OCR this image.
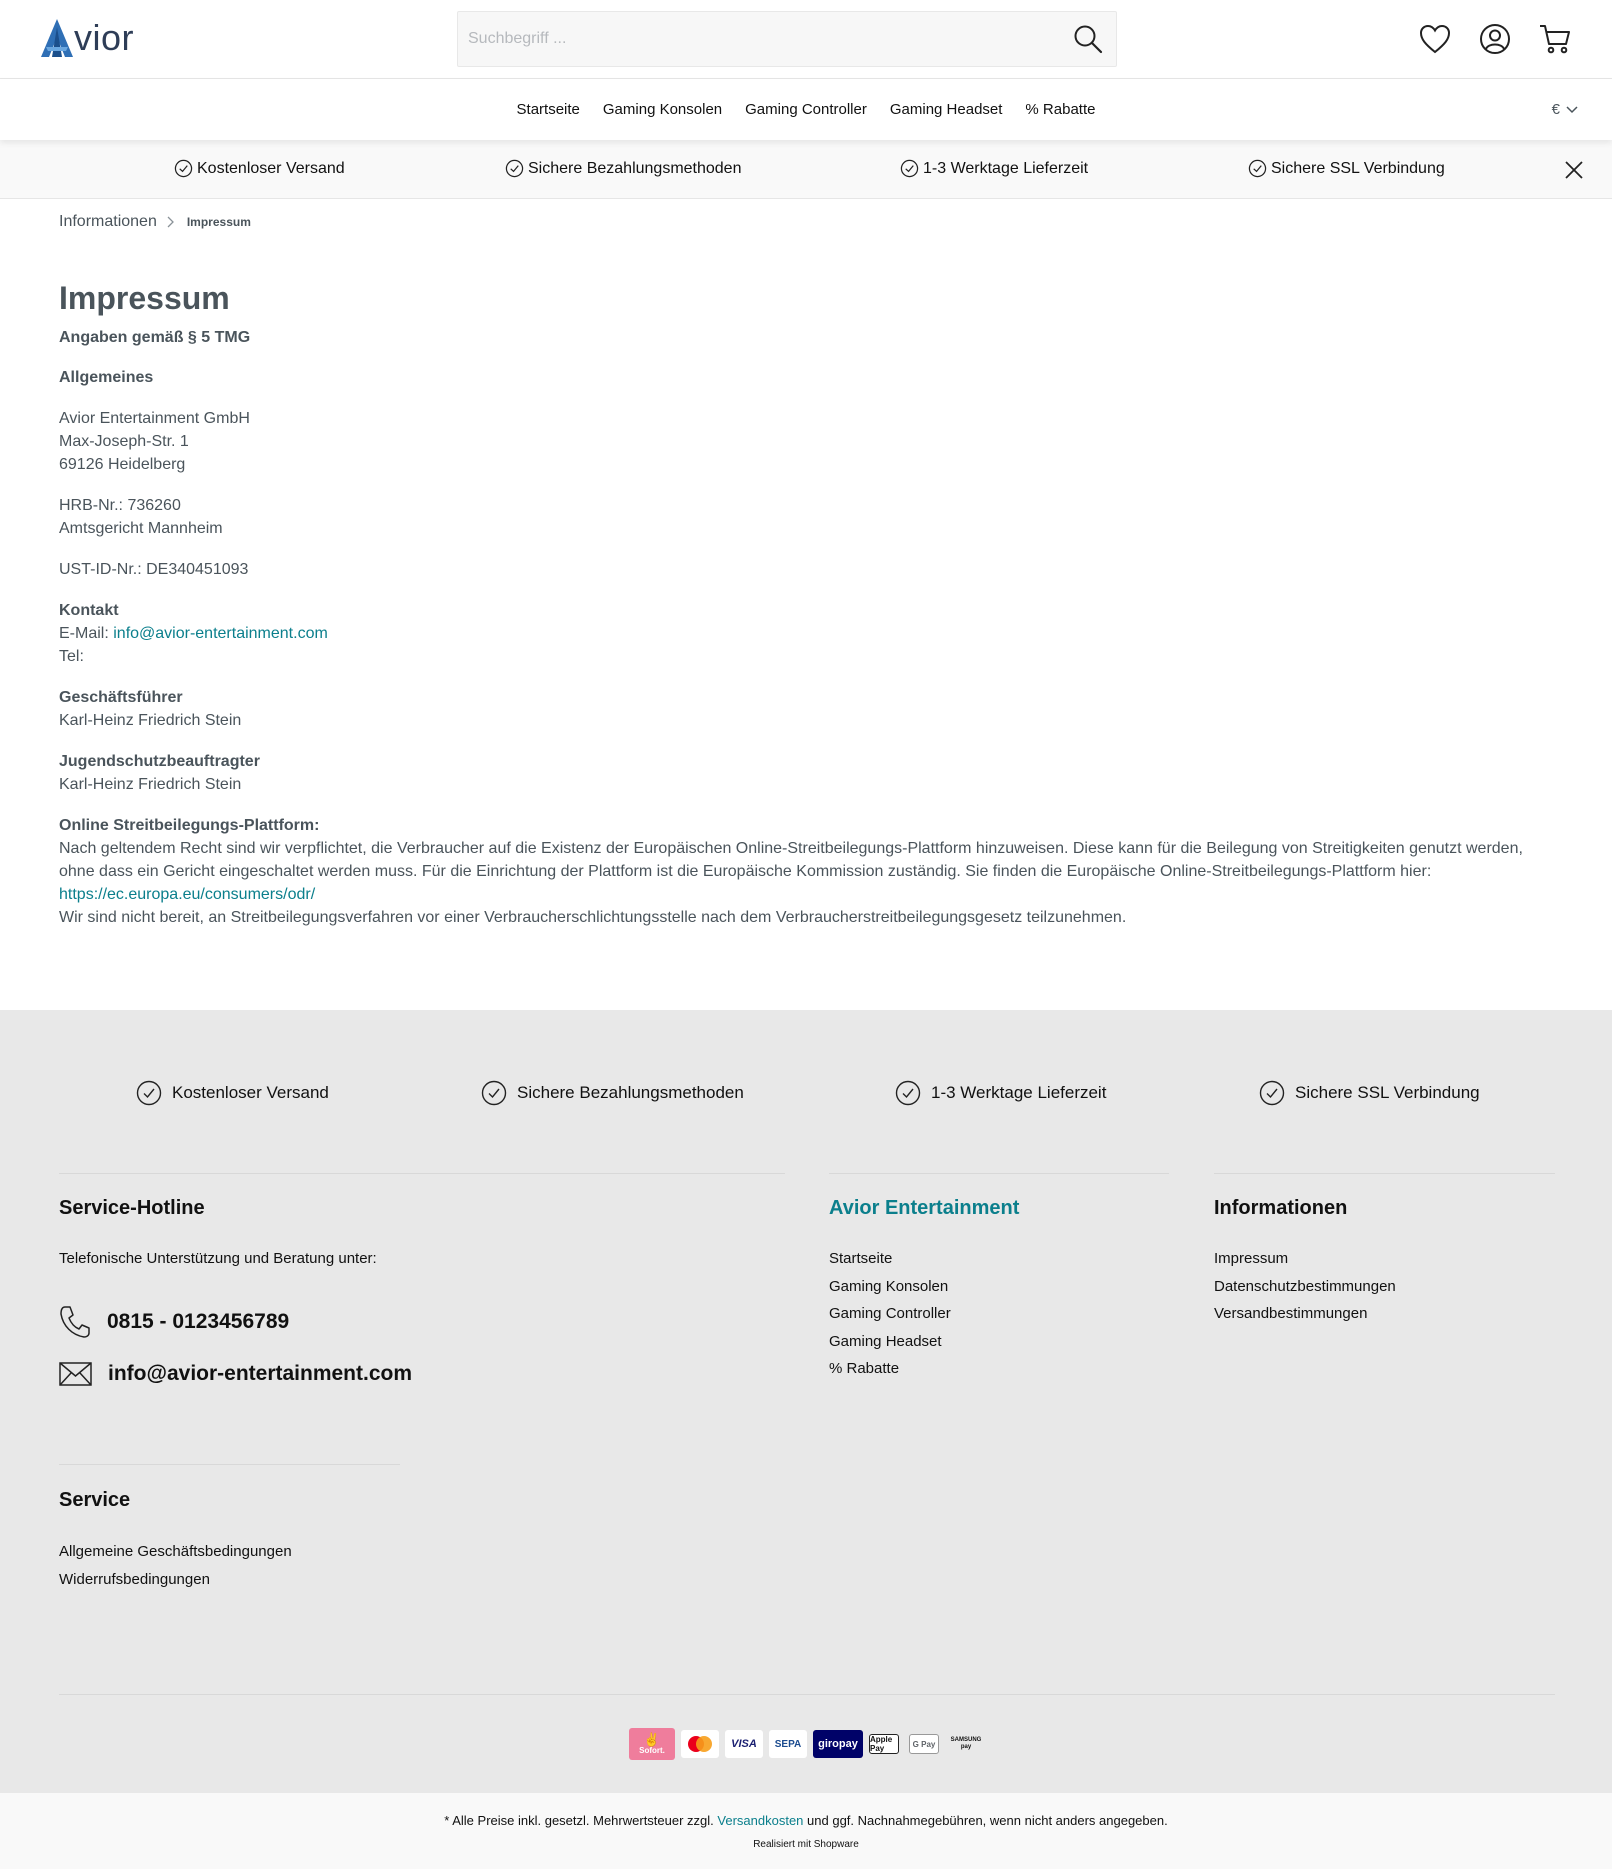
vior
Suchbegriff ...
Startseite	Gaming Konsolen	Gaming Controller	Gaming Headset	% Rabatte	€
Kostenloser Versand	Sichere Bezahlungsmethoden	1-3 Werktage Lieferzeit	Sichere SSL Verbindung
Informationen	Impressum
Impressum

Angaben gemäß § 5 TMG

Allgemeines

Avior Entertainment GmbH
Max-Joseph-Str. 1
69126 Heidelberg

HRB-Nr.: 736260
Amtsgericht Mannheim

UST-ID-Nr.: DE340451093

Kontakt
E-Mail: info@avior-entertainment.com
Tel:

Geschäftsführer
Karl-Heinz Friedrich Stein

Jugendschutzbeauftragter
Karl-Heinz Friedrich Stein

Online Streitbeilegungs-Plattform:
Nach geltendem Recht sind wir verpflichtet, die Verbraucher auf die Existenz der Europäischen Online-Streitbeilegungs-Plattform hinzuweisen. Diese kann für die Beilegung von Streitigkeiten genutzt werden, ohne dass ein Gericht eingeschaltet werden muss. Für die Einrichtung der Plattform ist die Europäische Kommission zuständig. Sie finden die Europäische Online-Streitbeilegungs-Plattform hier: https://ec.europa.eu/consumers/odr/
Wir sind nicht bereit, an Streitbeilegungsverfahren vor einer Verbraucherschlichtungsstelle nach dem Verbraucherstreitbeilegungsgesetz teilzunehmen.

Kostenloser Versand	Sichere Bezahlungsmethoden	1-3 Werktage Lieferzeit	Sichere SSL Verbindung
Service-Hotline
Telefonische Unterstützung und Beratung unter:
0815 - 0123456789
info@avior-entertainment.com
Avior Entertainment
Startseite
Gaming Konsolen
Gaming Controller
Gaming Headset
% Rabatte
Informationen
Impressum
Datenschutzbestimmungen
Versandbestimmungen
Service
Allgemeine Geschäftsbedingungen
Widerrufsbedingungen
✌
Sofort.
VISA	SEPA	giropay	Apple Pay	G Pay	SAMSUNG pay
* Alle Preise inkl. gesetzl. Mehrwertsteuer zzgl. Versandkosten und ggf. Nachnahmegebühren, wenn nicht anders angegeben.
Realisiert mit Shopware
